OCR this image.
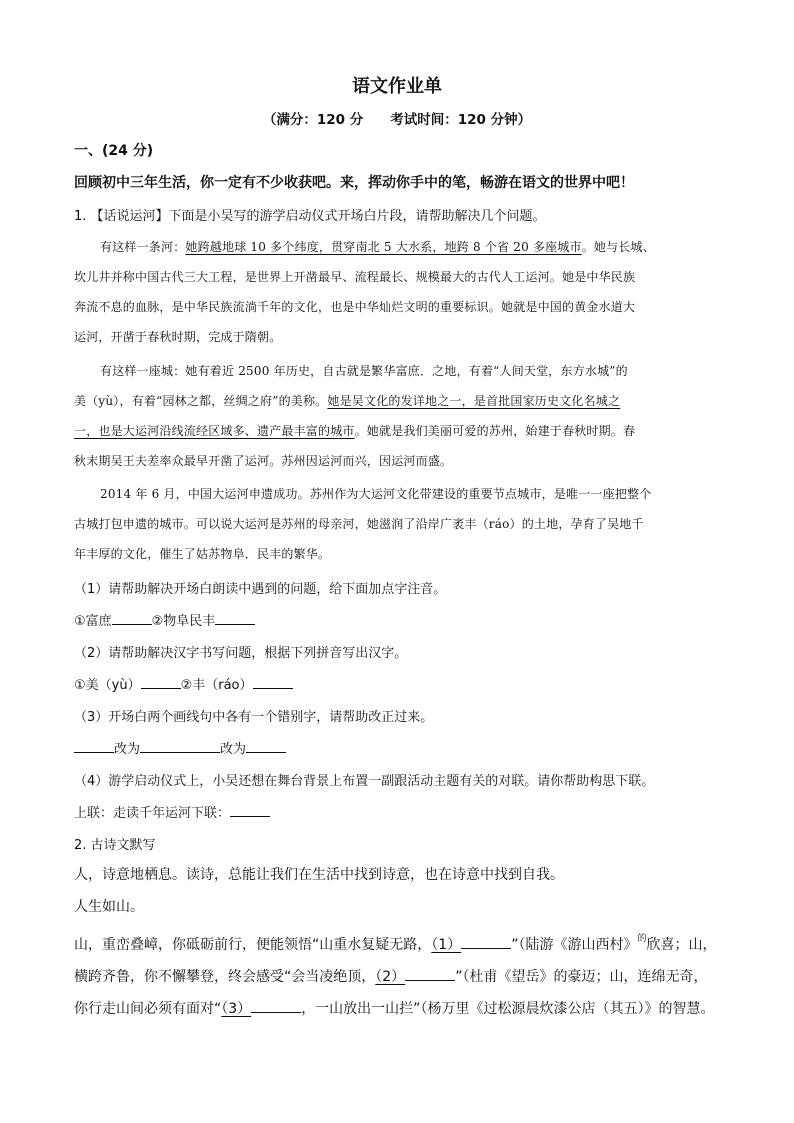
语文作业单
（满分：120 分　　考试时间：120 分钟）
一、(24 分)
回顾初中三年生活，你一定有不少收获吧。来，挥动你手中的笔，畅游在语文的世界中吧！
1. 【话说运河】下面是小吴写的游学启动仪式开场白片段，请帮助解决几个问题。
有这样一条河：她跨越地球 10 多个纬度，贯穿南北 5 大水系，地跨 8 个省 20 多座城市。她与长城、
坎儿井并称中国古代三大工程，是世界上开凿最早、流程最长、规模最大的古代人工运河。她是中华民族
奔流不息的血脉，是中华民族流淌千年的文化，也是中华灿烂文明的重要标识。她就是中国的黄金水道大
运河，开凿于春秋时期，完成于隋朝。
有这样一座城：她有着近 2500 年历史，自古就是繁华富庶．之地，有着“人间天堂，东方水城”的
美（yù），有着“园林之都，丝绸之府”的美称。她是吴文化的发详地之一，是首批国家历史文化名城之
一，也是大运河沿线流经区域多、遗产最丰富的城市。她就是我们美丽可爱的苏州，始建于春秋时期。春
秋末期吴王夫差率众最早开凿了运河。苏州因运河而兴，因运河而盛。
2014 年 6 月，中国大运河申遗成功。苏州作为大运河文化带建设的重要节点城市，是唯一一座把整个
古城打包申遗的城市。可以说大运河是苏州的母亲河，她滋润了沿岸广袤丰（ráo）的土地，孕育了吴地千
年丰厚的文化，催生了姑苏物阜．民丰的繁华。
（1）请帮助解决开场白朗读中遇到的问题，给下面加点字注音。
①富庶	②物阜民丰
（2）请帮助解决汉字书写问题，根据下列拼音写出汉字。
①美（yù）	②丰（ráo）
（3）开场白两个画线句中各有一个错别字，请帮助改正过来。
改为	改为
（4）游学启动仪式上，小吴还想在舞台背景上布置一副跟活动主题有关的对联。请你帮助构思下联。
上联：走读千年运河下联：
2. 古诗文默写
人，诗意地栖息。读诗，总能让我们在生活中找到诗意，也在诗意中找到自我。
人生如山。
山，重峦叠嶂，你砥砺前行，便能领悟“山重水复疑无路，（1）	”（陆游《游山西村》$^的$欣喜；山，
横跨齐鲁，你不懈攀登，终会感受“会当凌绝顶，（2）	”（杜甫《望岳》的豪迈；山，连绵无奇，
你行走山间必须有面对“（3）	，一山放出一山拦”（杨万里《过松源晨炊漆公店（其五）》的智慧。
